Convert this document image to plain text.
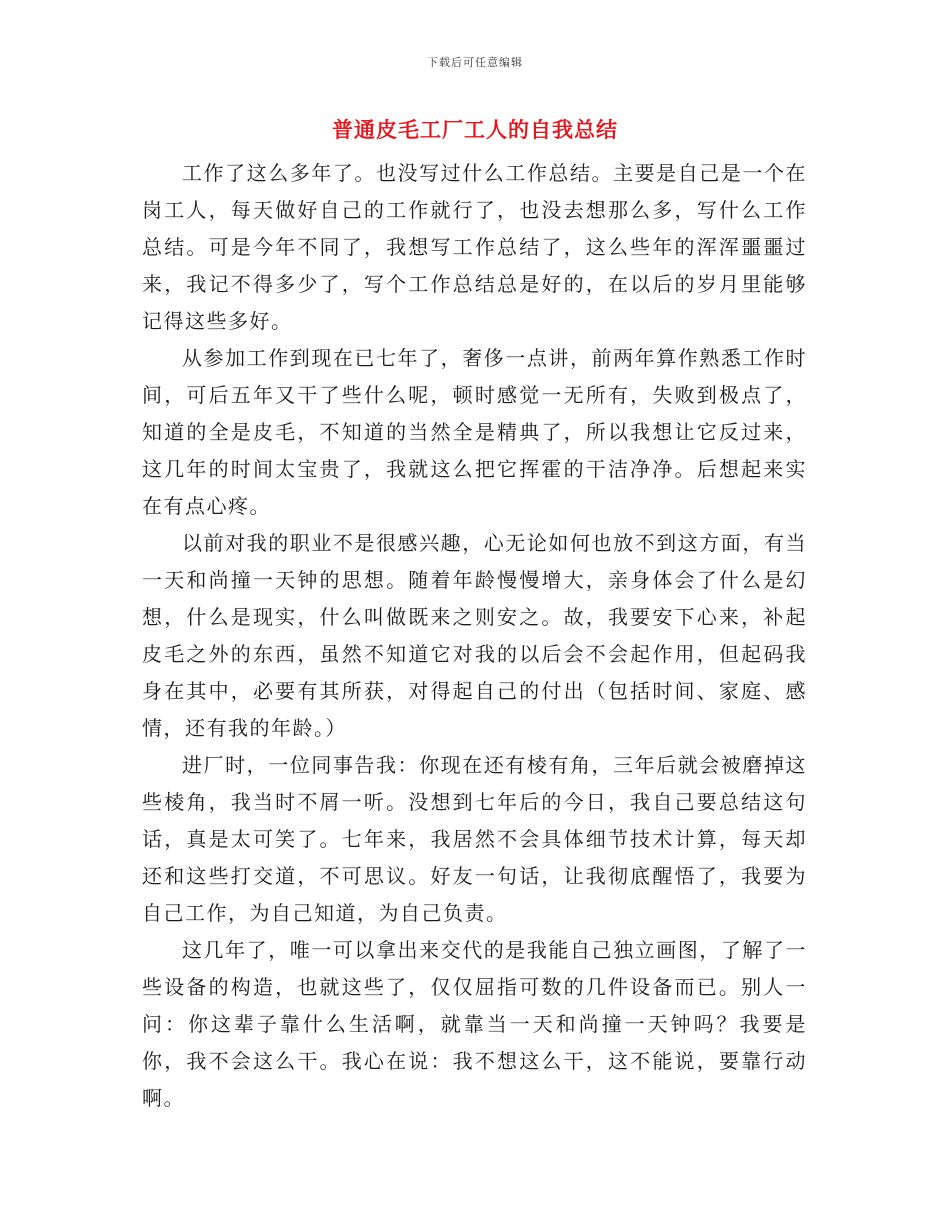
下载后可任意编辑
普通皮毛工厂工人的自我总结

工作了这么多年了。也没写过什么工作总结。主要是自己是一个在岗工人，每天做好自己的工作就行了，也没去想那么多，写什么工作总结。可是今年不同了，我想写工作总结了，这么些年的浑浑噩噩过来，我记不得多少了，写个工作总结总是好的，在以后的岁月里能够记得这些多好。

从参加工作到现在已七年了，奢侈一点讲，前两年算作熟悉工作时间，可后五年又干了些什么呢，顿时感觉一无所有，失败到极点了，知道的全是皮毛，不知道的当然全是精典了，所以我想让它反过来，这几年的时间太宝贵了，我就这么把它挥霍的干洁净净。后想起来实在有点心疼。

以前对我的职业不是很感兴趣，心无论如何也放不到这方面，有当一天和尚撞一天钟的思想。随着年龄慢慢增大，亲身体会了什么是幻想，什么是现实，什么叫做既来之则安之。故，我要安下心来，补起皮毛之外的东西，虽然不知道它对我的以后会不会起作用，但起码我身在其中，必要有其所获，对得起自己的付出（包括时间、家庭、感情，还有我的年龄。）

进厂时，一位同事告我：你现在还有棱有角，三年后就会被磨掉这些棱角，我当时不屑一听。没想到七年后的今日，我自己要总结这句话，真是太可笑了。七年来，我居然不会具体细节技术计算，每天却还和这些打交道，不可思议。好友一句话，让我彻底醒悟了，我要为自己工作，为自己知道，为自己负责。

这几年了，唯一可以拿出来交代的是我能自己独立画图，了解了一些设备的构造，也就这些了，仅仅屈指可数的几件设备而已。别人一问：你这辈子靠什么生活啊，就靠当一天和尚撞一天钟吗？我要是你，我不会这么干。我心在说：我不想这么干，这不能说，要靠行动啊。
